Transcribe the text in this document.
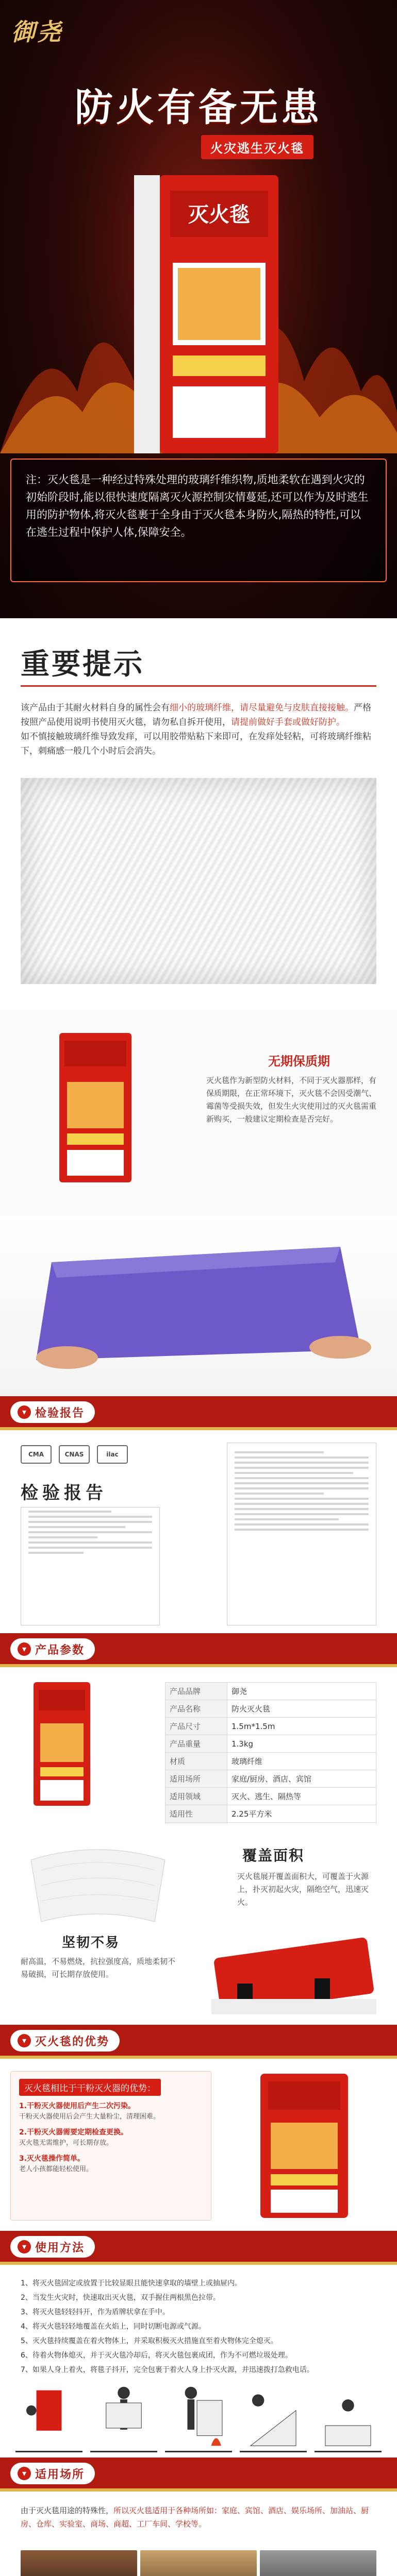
御尧
防火有备无患
火灾逃生灭火毯
灭火毯
注：灭火毯是一种经过特殊处理的玻璃纤维织物,质地柔软在遇到火灾的初始阶段时,能以很快速度隔离灭火源控制灾情蔓延,还可以作为及时逃生用的防护物体,将灭火毯裹于全身由于灭火毯本身防火,隔热的特性,可以在逃生过程中保护人体,保障安全。
重要提示
该产品由于其耐火材料自身的属性会有细小的玻璃纤维，请尽量避免与皮肤直接接触。严格按照产品使用说明书使用灭火毯，请勿私自拆开使用，请提前做好手套或做好防护。
如不慎接触玻璃纤维导致发痒，可以用胶带贴粘下来即可，在发痒处轻粘，可将玻璃纤维粘下，刺痛感一般几个小时后会消失。
无期保质期
灭火毯作为新型防火材料，不同于灭火器那样，有保质期限，在正常环境下，灭火毯不会因受潮气、霉菌等受损失效，但发生火灾使用过的灭火毯需重新购买，一般建议定期检查是否完好。
▾ 检验报告
CMA	CNAS	ilac
检验报告
▾ 产品参数
产品品牌	御尧
产品名称	防火灭火毯
产品尺寸	1.5m*1.5m
产品重量	1.3kg
材质	玻璃纤维
适用场所	家庭/厨房、酒店、宾馆
适用领域	灭火、逃生、隔热等
适用性	2.25平方米

覆盖面积
灭火毯展开覆盖面积大，可覆盖于火源上，扑灭初起火灾，隔绝空气，迅速灭火。
坚韧不易
耐高温，不易燃烧，抗拉强度高，质地柔韧不易破损，可长期存放使用。
▾ 灭火毯的优势
灭火毯相比于干粉灭火器的优势：
1.干粉灭火器使用后产生二次污染。
干粉灭火器使用后会产生大量粉尘，清理困难。
2.干粉灭火器需要定期检查更换。
灭火毯无需维护，可长期存放。
3.灭火毯操作简单。
老人小孩都能轻松使用。
▾ 使用方法
1、将灭火毯固定或放置于比较显眼且能快速拿取的墙壁上或抽屉内。
2、当发生火灾时，快速取出灭火毯，双手握住两根黑色拉带。
3、将灭火毯轻轻抖开，作为盾牌状拿在手中。
4、将灭火毯轻轻地覆盖在火焰上，同时切断电源或气源。
5、灭火毯持续覆盖在着火物体上，并采取积极灭火措施直至着火物体完全熄灭。
6、待着火物体熄灭，并于灭火毯冷却后，将灭火毯包裹成团，作为不可燃垃圾处理。
7、如果人身上着火，将毯子抖开，完全包裹于着火人身上扑灭火源，并迅速拨打急救电话。
▾ 适用场所
由于灭火毯用途的特殊性，所以灭火毯适用于各种场所如：家庭、宾馆、酒店、娱乐场所、加油站、厨房、仓库、实验室、商场、商超、工厂车间、学校等。
